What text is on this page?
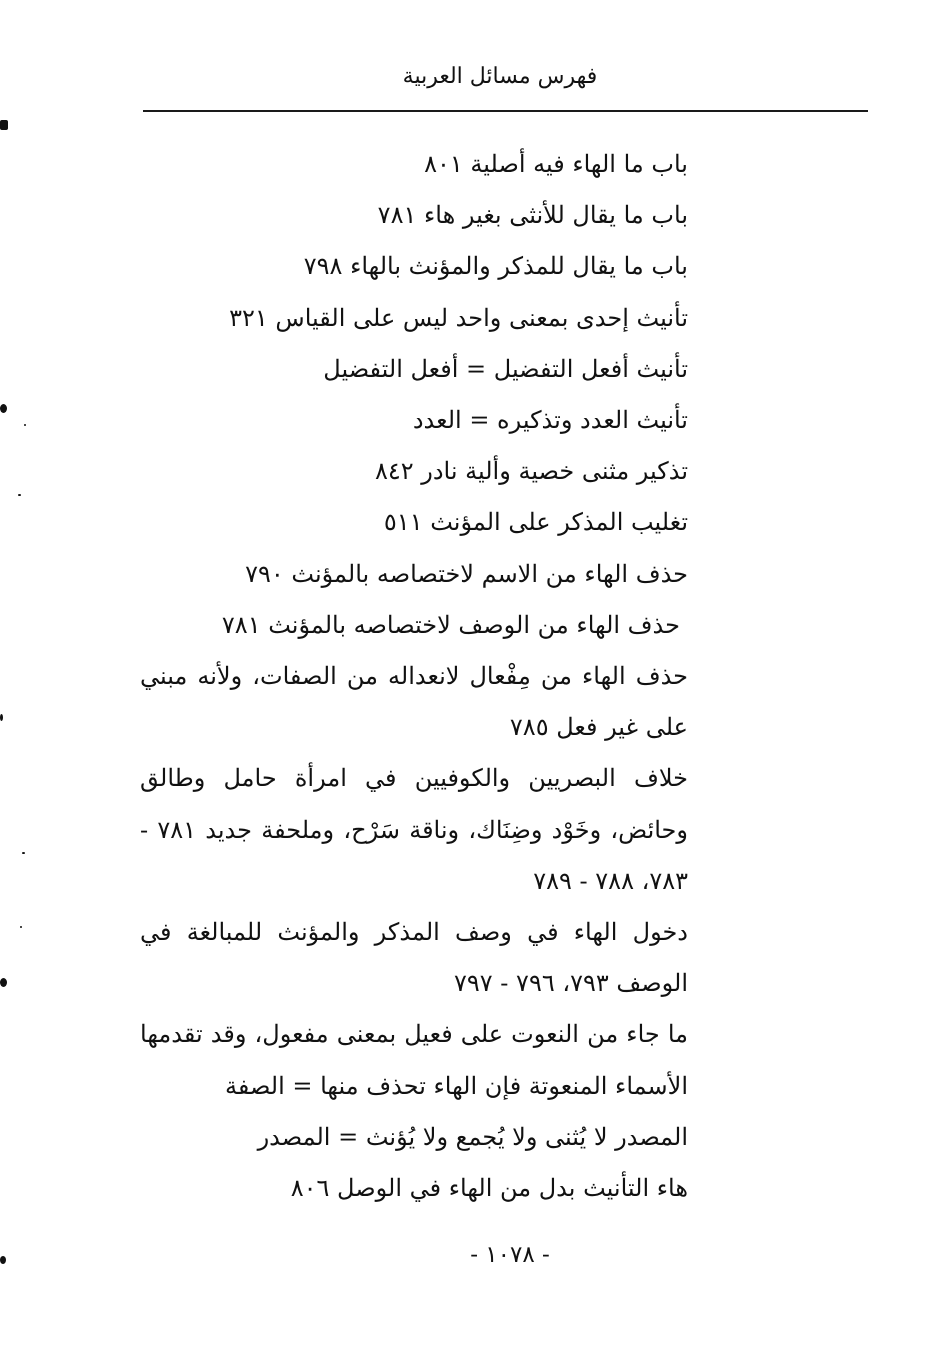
فهرس مسائل العربية

باب ما الهاء فيه أصلية ٨٠١

باب ما يقال للأنثى بغير هاء ٧٨١

باب ما يقال للمذكر والمؤنث بالهاء ٧٩٨

تأنيث إحدى بمعنى واحد ليس على القياس ٣٢١

تأنيث أفعل التفضيل = أفعل التفضيل

تأنيث العدد وتذكيره = العدد

تذكير مثنى خصية وألية نادر ٨٤٢

تغليب المذكر على المؤنث ٥١١

حذف الهاء من الاسم لاختصاصه بالمؤنث ٧٩٠

حذف الهاء من الوصف لاختصاصه بالمؤنث ٧٨١

حذف الهاء من مِفْعال لانعداله من الصفات، ولأنه مبني على غير فعل ٧٨٥

خلاف البصريين والكوفيين في امرأة حامل وطالق وحائض، وخَوْد وضِنَاك، وناقة سَرْح، وملحفة جديد ٧٨١ - ٧٨٣، ٧٨٨ - ٧٨٩

دخول الهاء في وصف المذكر والمؤنث للمبالغة في الوصف ٧٩٣، ٧٩٦ - ٧٩٧

ما جاء من النعوت على فعيل بمعنى مفعول، وقد تقدمها الأسماء المنعوتة فإن الهاء تحذف منها = الصفة

المصدر لا يُثنى ولا يُجمع ولا يُؤنث = المصدر

هاء التأنيث بدل من الهاء في الوصل ٨٠٦

- ١٠٧٨ -
